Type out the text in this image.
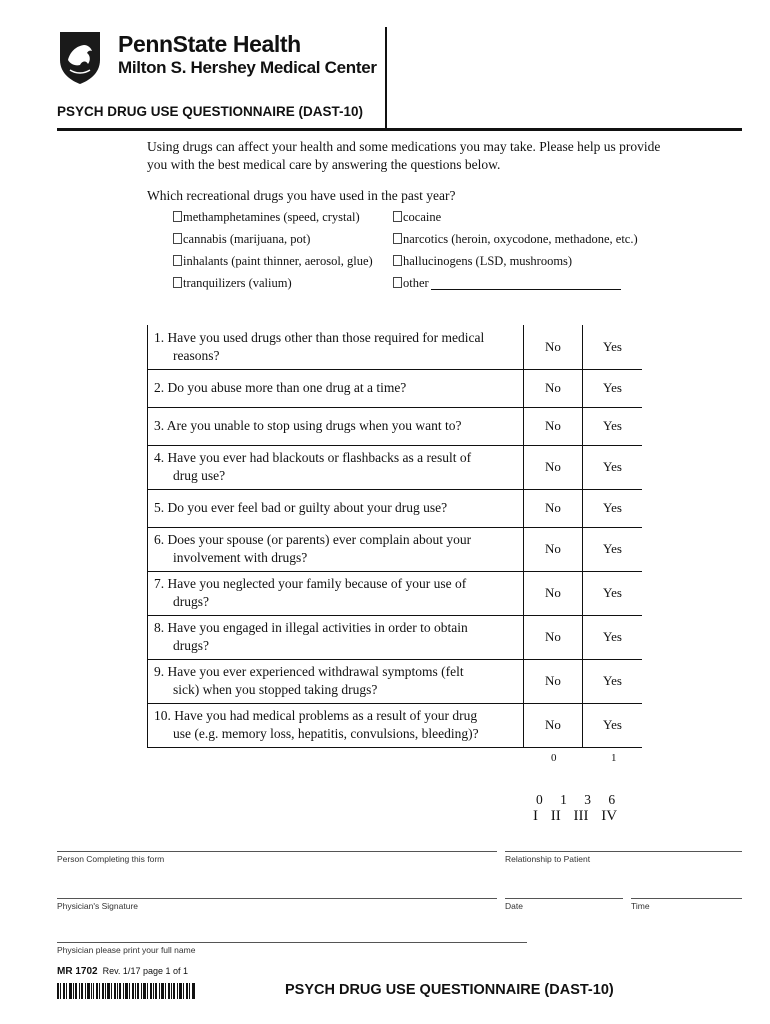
PennState Health
Milton S. Hershey Medical Center
PSYCH DRUG USE QUESTIONNAIRE (DAST-10)
Using drugs can affect your health and some medications you may take. Please help us provide you with the best medical care by answering the questions below.
Which recreational drugs you have used in the past year?
methamphetamines (speed, crystal)	cocaine
cannabis (marijuana, pot)	narcotics (heroin, oxycodone, methadone, etc.)
inhalants (paint thinner, aerosol, glue)	hallucinogens (LSD, mushrooms)
tranquilizers (valium)	other
1. Have you used drugs other than those required for medical
reasons?	No	Yes

2. Do you abuse more than one drug at a time?	No	Yes

3. Are you unable to stop using drugs when you want to?	No	Yes

4. Have you ever had blackouts or flashbacks as a result of
drug use?	No	Yes

5. Do you ever feel bad or guilty about your drug use?	No	Yes

6. Does your spouse (or parents) ever complain about your
involvement with drugs?	No	Yes

7. Have you neglected your family because of your use of
drugs?	No	Yes

8. Have you engaged in illegal activities in order to obtain
drugs?	No	Yes

9. Have you ever experienced withdrawal symptoms (felt
sick) when you stopped taking drugs?	No	Yes

10. Have you had medical problems as a result of your drug
use (e.g. memory loss, hepatitis, convulsions, bleeding)?	No	Yes
0	1
0 1 3 6
I II III IV
Person Completing this form	Relationship to Patient
Physician's Signature	Date	Time
Physician please print your full name
MR 1702 Rev. 1/17 page 1 of 1
PSYCH DRUG USE QUESTIONNAIRE (DAST-10)
